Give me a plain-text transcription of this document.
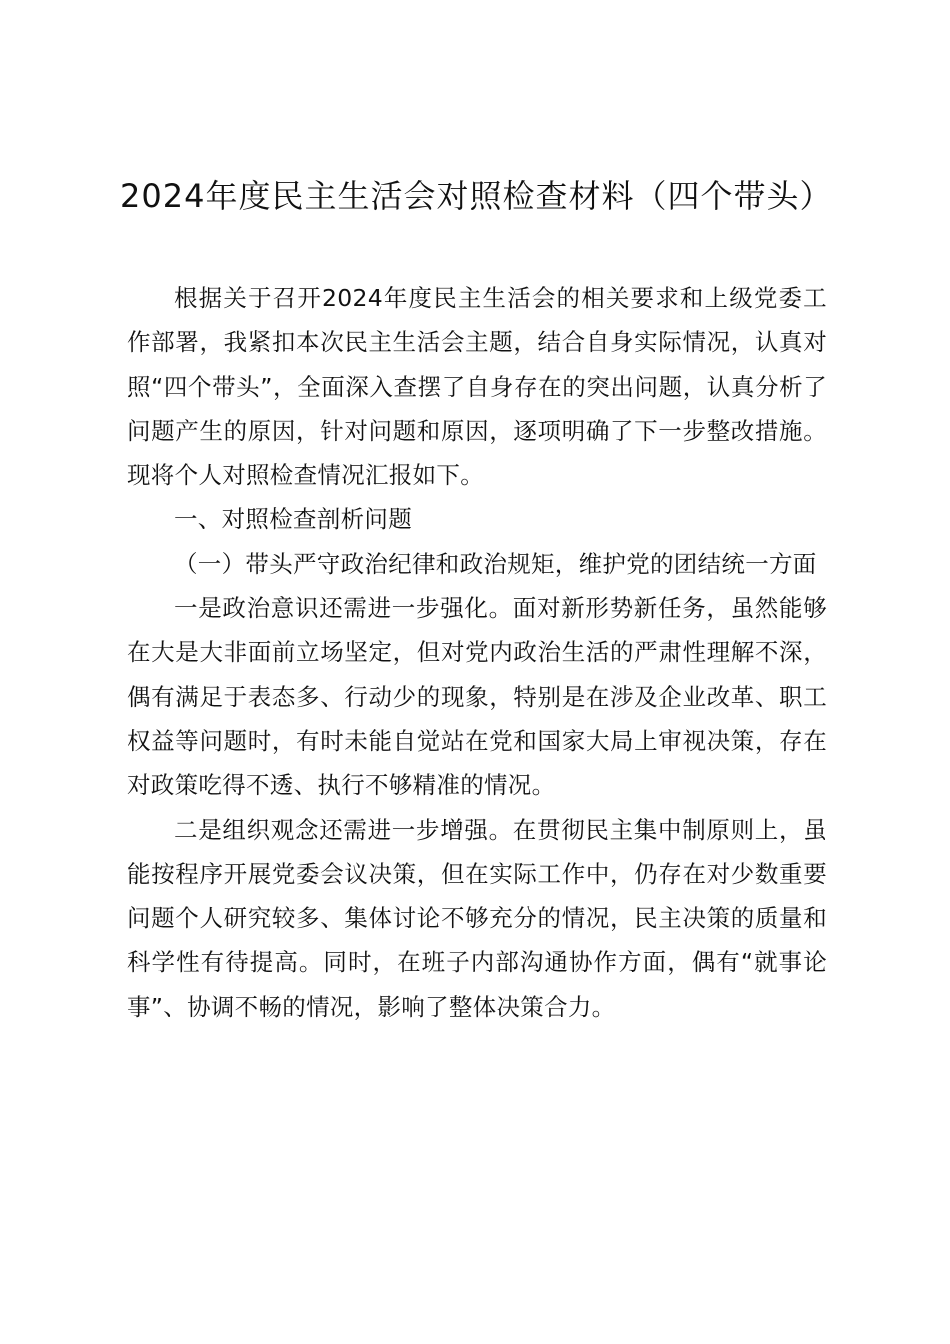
2024年度民主生活会对照检查材料（四个带头）

根据关于召开2024年度民主生活会的相关要求和上级党委工作部署，我紧扣本次民主生活会主题，结合自身实际情况，认真对照“四个带头”，全面深入查摆了自身存在的突出问题，认真分析了问题产生的原因，针对问题和原因，逐项明确了下一步整改措施。现将个人对照检查情况汇报如下。

一、对照检查剖析问题

（一）带头严守政治纪律和政治规矩，维护党的团结统一方面

一是政治意识还需进一步强化。面对新形势新任务，虽然能够在大是大非面前立场坚定，但对党内政治生活的严肃性理解不深，偶有满足于表态多、行动少的现象，特别是在涉及企业改革、职工权益等问题时，有时未能自觉站在党和国家大局上审视决策，存在对政策吃得不透、执行不够精准的情况。

二是组织观念还需进一步增强。在贯彻民主集中制原则上，虽能按程序开展党委会议决策，但在实际工作中，仍存在对少数重要问题个人研究较多、集体讨论不够充分的情况，民主决策的质量和科学性有待提高。同时，在班子内部沟通协作方面，偶有“就事论事”、协调不畅的情况，影响了整体决策合力。
